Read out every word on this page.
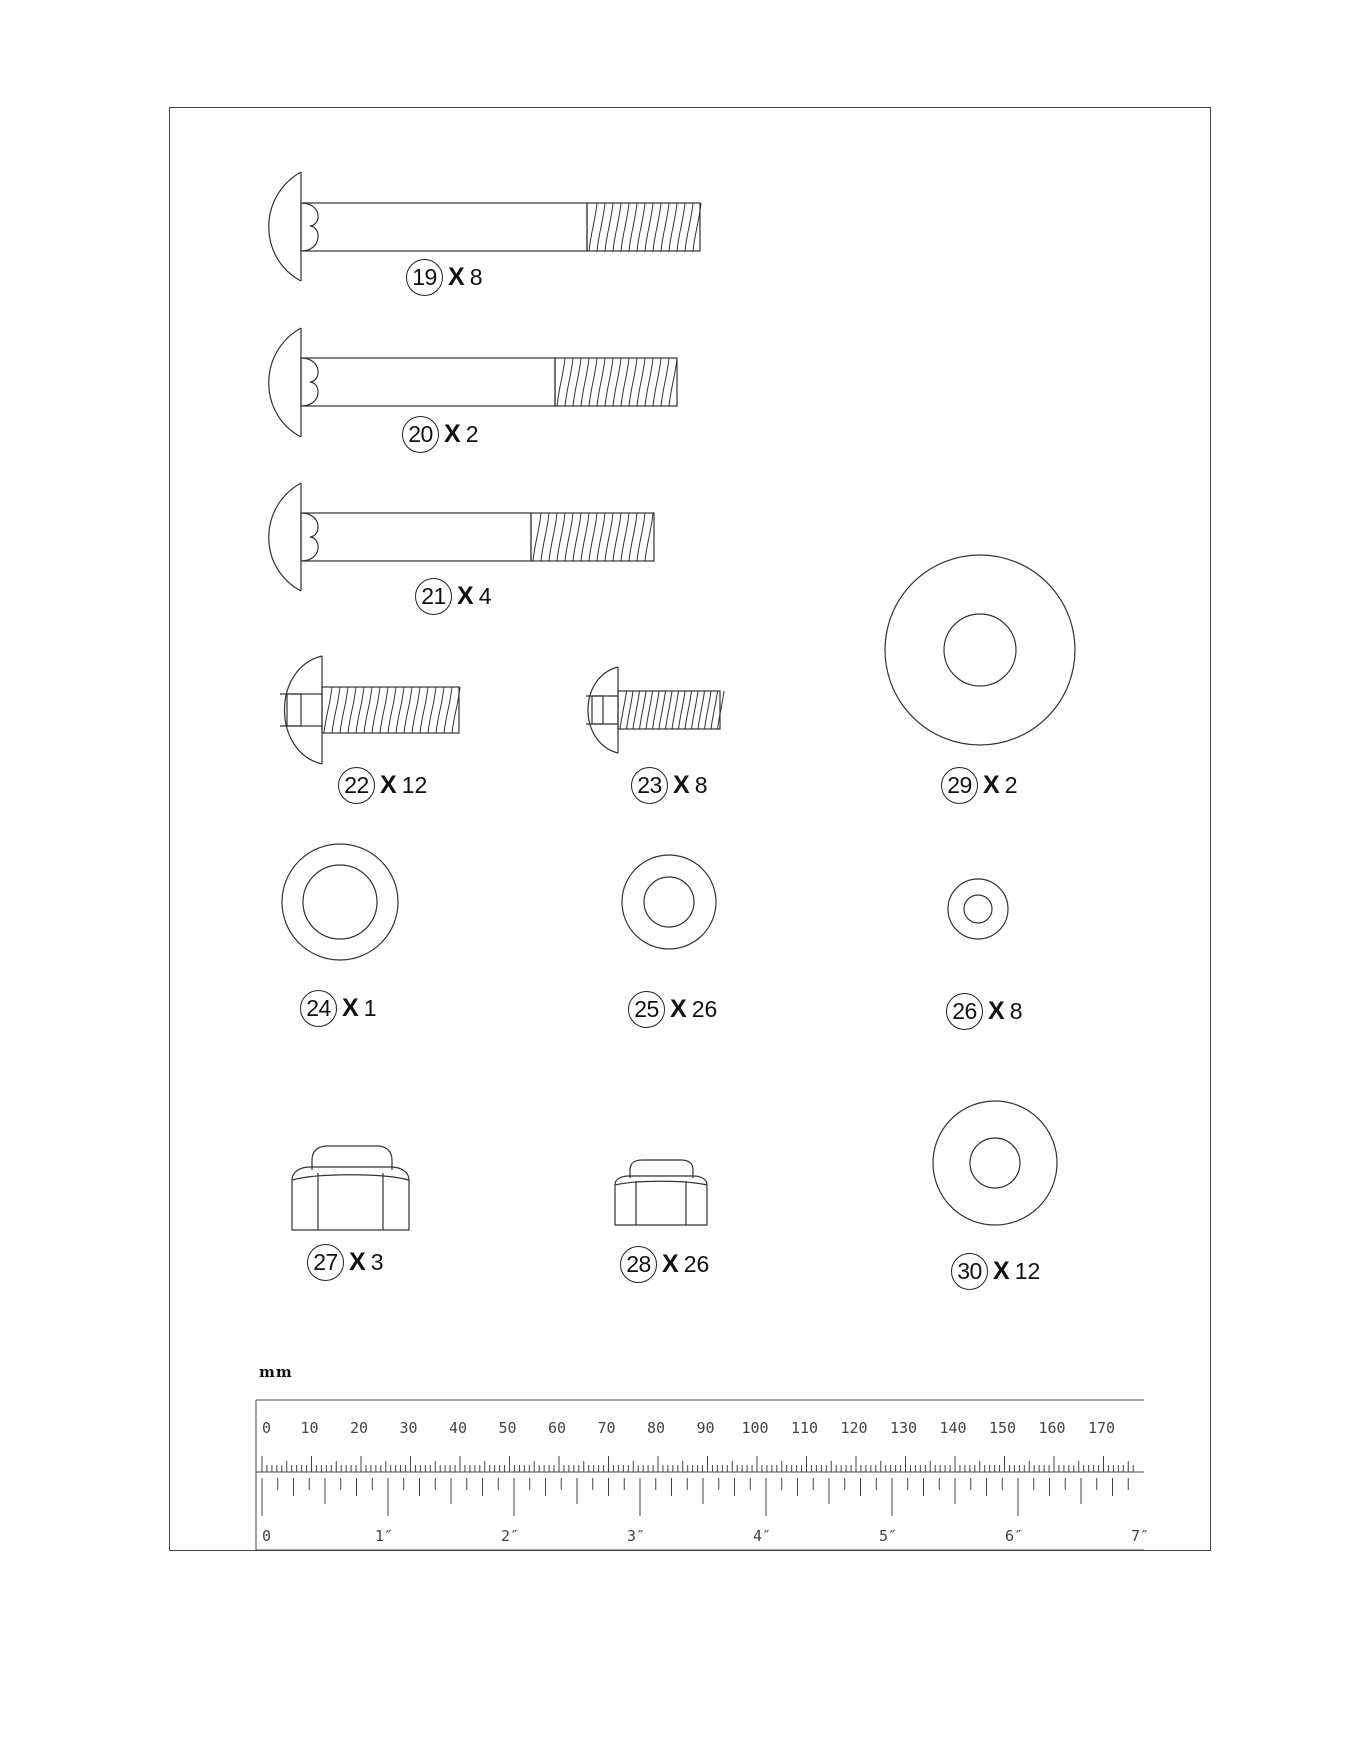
0 10 20 30 40 50 60 70 80 90 100 110 120 130 140 150 160 170
0	1″	2″	3″	4″	5″	6″	7″
19 X 8
20 X 2
21 X 4
22 X 12	23 X 8	29 X 2
24 X 1	25 X 26	26 X 8
27 X 3	28 X 26	30 X 12
mm
